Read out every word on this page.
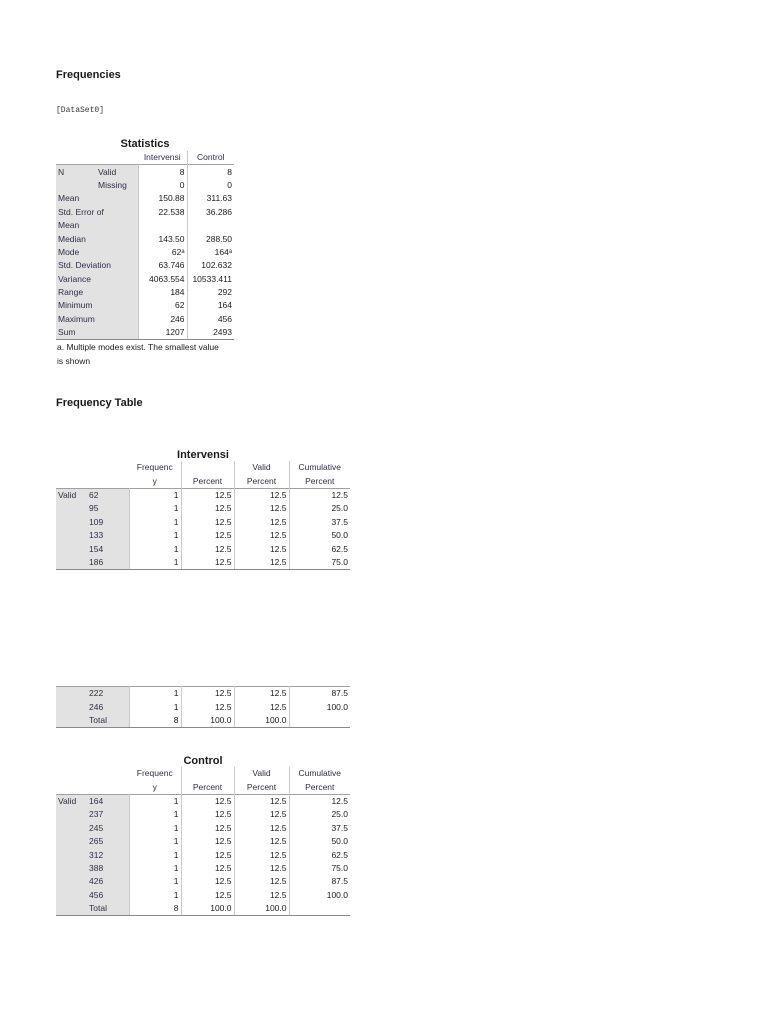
Frequencies
[DataSet0]
Statistics
		Intervensi	Control
N	Valid	8	8
	Missing	0	0
Mean		150.88	311.63
Std. Error of		22.538	36.286
Mean			
Median		143.50	288.50
Mode		62ᵃ	164ᵃ
Std. Deviation		63.746	102.632
Variance		4063.554	10533.411
Range		184	292
Minimum		62	164
Maximum		246	456
Sum		1207	2493
a. Multiple modes exist. The smallest value is shown
Frequency Table
Intervensi
		Frequenc		Valid	Cumulative
		y	Percent	Percent	Percent
Valid	62	1	12.5	12.5	12.5
	95	1	12.5	12.5	25.0
	109	1	12.5	12.5	37.5
	133	1	12.5	12.5	50.0
	154	1	12.5	12.5	62.5
	186	1	12.5	12.5	75.0
	222	1	12.5	12.5	87.5
	246	1	12.5	12.5	100.0
	Total	8	100.0	100.0	
Control
		Frequenc		Valid	Cumulative
		y	Percent	Percent	Percent
Valid	164	1	12.5	12.5	12.5
	237	1	12.5	12.5	25.0
	245	1	12.5	12.5	37.5
	265	1	12.5	12.5	50.0
	312	1	12.5	12.5	62.5
	388	1	12.5	12.5	75.0
	426	1	12.5	12.5	87.5
	456	1	12.5	12.5	100.0
	Total	8	100.0	100.0	
